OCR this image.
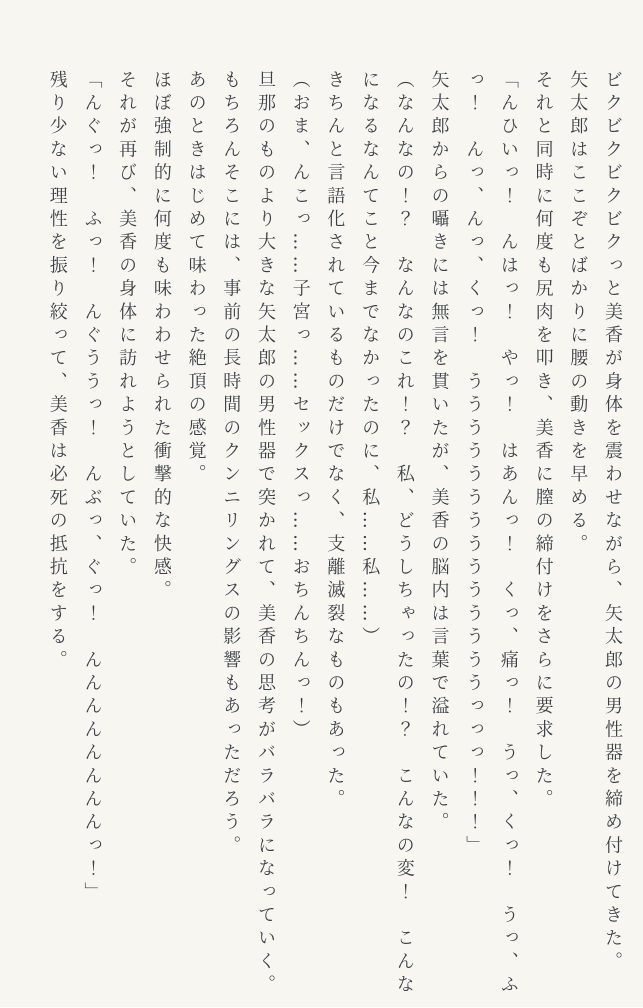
ビクビクビクビクっと美香が身体を震わせながら、矢太郎の男性器を締め付けてきた。
矢太郎はここぞとばかりに腰の動きを早める。
それと同時に何度も尻肉を叩き、美香に膣の締付けをさらに要求した。
「んひいっ！　んはっ！　やっ！　はあんっ！　くっ、痛っ！　うっ、くっ！　うっ、ふ
っ！　んっ、んっ、くっ！　ううううううううううううううっっっ！！！」
矢太郎からの囁きには無言を貫いたが、美香の脳内は言葉で溢れていた。
（なんなの！？　なんなのこれ！？　私、どうしちゃったの！？　こんなの変！　こんな
になるなんてこと今までなかったのに、私……私……）
きちんと言語化されているものだけでなく、支離滅裂なものもあった。
（おま、んこっ……子宮っ……セックスっ……おちんちんっ！）
旦那のものより大きな矢太郎の男性器で突かれて、美香の思考がバラバラになっていく。
もちろんそこには、事前の長時間のクンニリングスの影響もあっただろう。
あのときはじめて味わった絶頂の感覚。
ほぼ強制的に何度も味わわせられた衝撃的な快感。
それが再び、美香の身体に訪れようとしていた。
「んぐっ！　ふっ！　んぐううっ！　んぶっ、ぐっ！　んんんんんんんんっ！」
残り少ない理性を振り絞って、美香は必死の抵抗をする。
